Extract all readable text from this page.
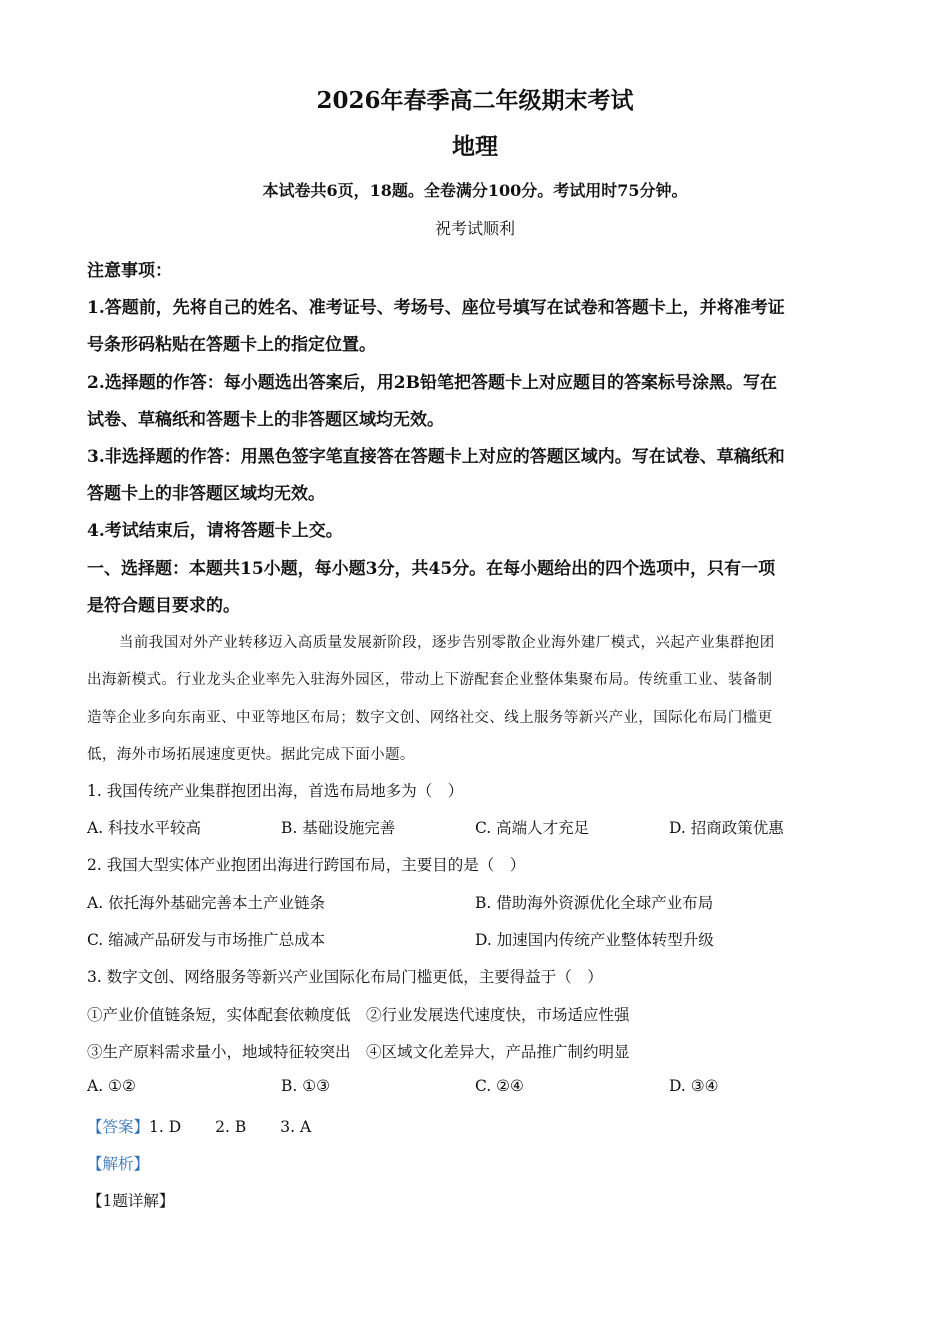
2026年春季高二年级期末考试
地理
本试卷共6页，18题。全卷满分100分。考试用时75分钟。
祝考试顺利
注意事项：
1.答题前，先将自己的姓名、准考证号、考场号、座位号填写在试卷和答题卡上，并将准考证
号条形码粘贴在答题卡上的指定位置。
2.选择题的作答：每小题选出答案后，用2B铅笔把答题卡上对应题目的答案标号涂黑。写在
试卷、草稿纸和答题卡上的非答题区域均无效。
3.非选择题的作答：用黑色签字笔直接答在答题卡上对应的答题区域内。写在试卷、草稿纸和
答题卡上的非答题区域均无效。
4.考试结束后，请将答题卡上交。
一、选择题：本题共15小题，每小题3分，共45分。在每小题给出的四个选项中，只有一项
是符合题目要求的。
当前我国对外产业转移迈入高质量发展新阶段，逐步告别零散企业海外建厂模式，兴起产业集群抱团
出海新模式。行业龙头企业率先入驻海外园区，带动上下游配套企业整体集聚布局。传统重工业、装备制
造等企业多向东南亚、中亚等地区布局；数字文创、网络社交、线上服务等新兴产业，国际化布局门槛更
低，海外市场拓展速度更快。据此完成下面小题。
1. 我国传统产业集群抱团出海，首选布局地多为（　）
A. 科技水平较高	B. 基础设施完善	C. 高端人才充足	D. 招商政策优惠
2. 我国大型实体产业抱团出海进行跨国布局，主要目的是（　）
A. 依托海外基础完善本土产业链条	B. 借助海外资源优化全球产业布局
C. 缩减产品研发与市场推广总成本	D. 加速国内传统产业整体转型升级
3. 数字文创、网络服务等新兴产业国际化布局门槛更低，主要得益于（　）
①产业价值链条短，实体配套依赖度低　②行业发展迭代速度快，市场适应性强
③生产原料需求量小，地域特征较突出　④区域文化差异大，产品推广制约明显
A. ①②	B. ①③	C. ②④	D. ③④
【答案】1. D 2. B 3. A
【解析】
【1题详解】
